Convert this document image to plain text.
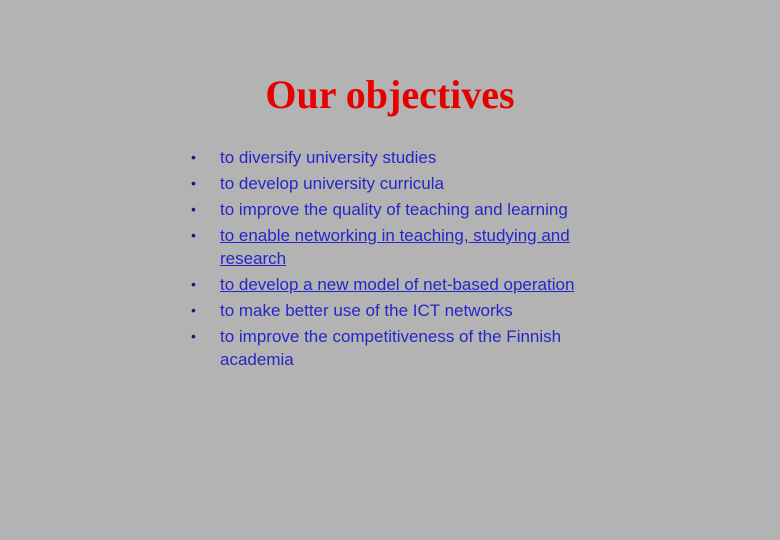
Our objectives
• to diversify university studies
• to develop university curricula
• to improve the quality of teaching and learning
• to enable networking in teaching, studying and research
• to develop a new model of net-based operation
• to make better use of the ICT networks
• to improve the competitiveness of the Finnish academia
